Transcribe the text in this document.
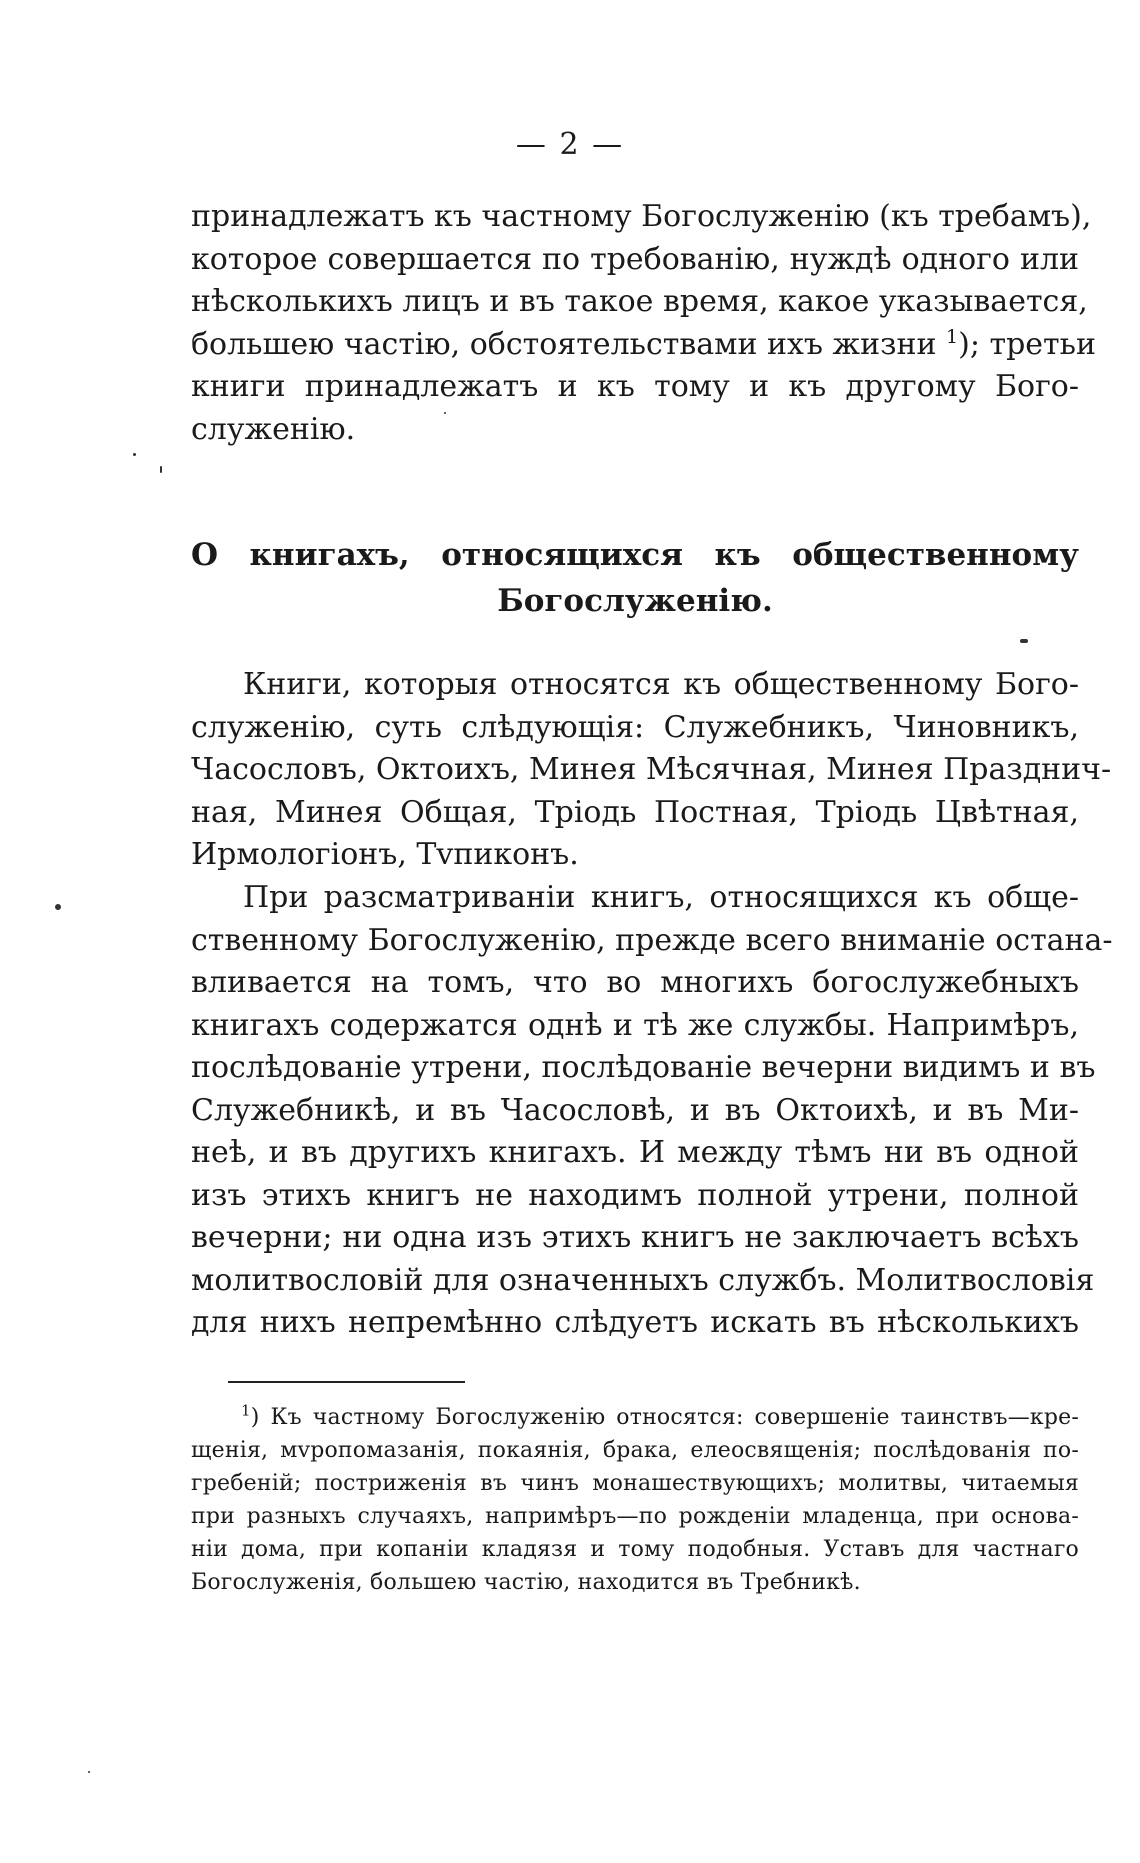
— 2 —
принадлежатъ къ частному Богослуженію (къ требамъ),
которое совершается по требованію, нуждѣ одного или
нѣсколькихъ лицъ и въ такое время, какое указывается,
большею частію, обстоятельствами ихъ жизни $^1$); третьи
книги принадлежатъ и къ тому и къ другому Бого-
служенію.
О книгахъ, относящихся къ общественному
Богослуженію.
Книги, которыя относятся къ общественному Бого-
служенію, суть слѣдующія: Служебникъ, Чиновникъ,
Часословъ, Октоихъ, Минея Мѣсячная, Минея Празднич-
ная, Минея Общая, Тріодь Постная, Тріодь Цвѣтная,
Ирмологіонъ, Тvпиконъ.
При разсматриваніи книгъ, относящихся къ обще-
ственному Богослуженію, прежде всего вниманіе остана-
вливается на томъ, что во многихъ богослужебныхъ
книгахъ содержатся однѣ и тѣ же службы. Напримѣръ,
послѣдованіе утрени, послѣдованіе вечерни видимъ и въ
Служебникѣ, и въ Часословѣ, и въ Октоихѣ, и въ Ми-
неѣ, и въ другихъ книгахъ. И между тѣмъ ни въ одной
изъ этихъ книгъ не находимъ полной утрени, полной
вечерни; ни одна изъ этихъ книгъ не заключаетъ всѣхъ
молитвословій для означенныхъ службъ. Молитвословія
для нихъ непремѣнно слѣдуетъ искать въ нѣсколькихъ
$^1$) Къ частному Богослуженію относятся: совершеніе таинствъ—кре-
щенія, мvропомазанія, покаянія, брака, елеосвященія; послѣдованія по-
гребеній; постриженія въ чинъ монашествующихъ; молитвы, читаемыя
при разныхъ случаяхъ, напримѣръ—по рожденіи младенца, при основа-
ніи дома, при копаніи кладязя и тому подобныя. Уставъ для частнаго
Богослуженія, большею частію, находится въ Требникѣ.
